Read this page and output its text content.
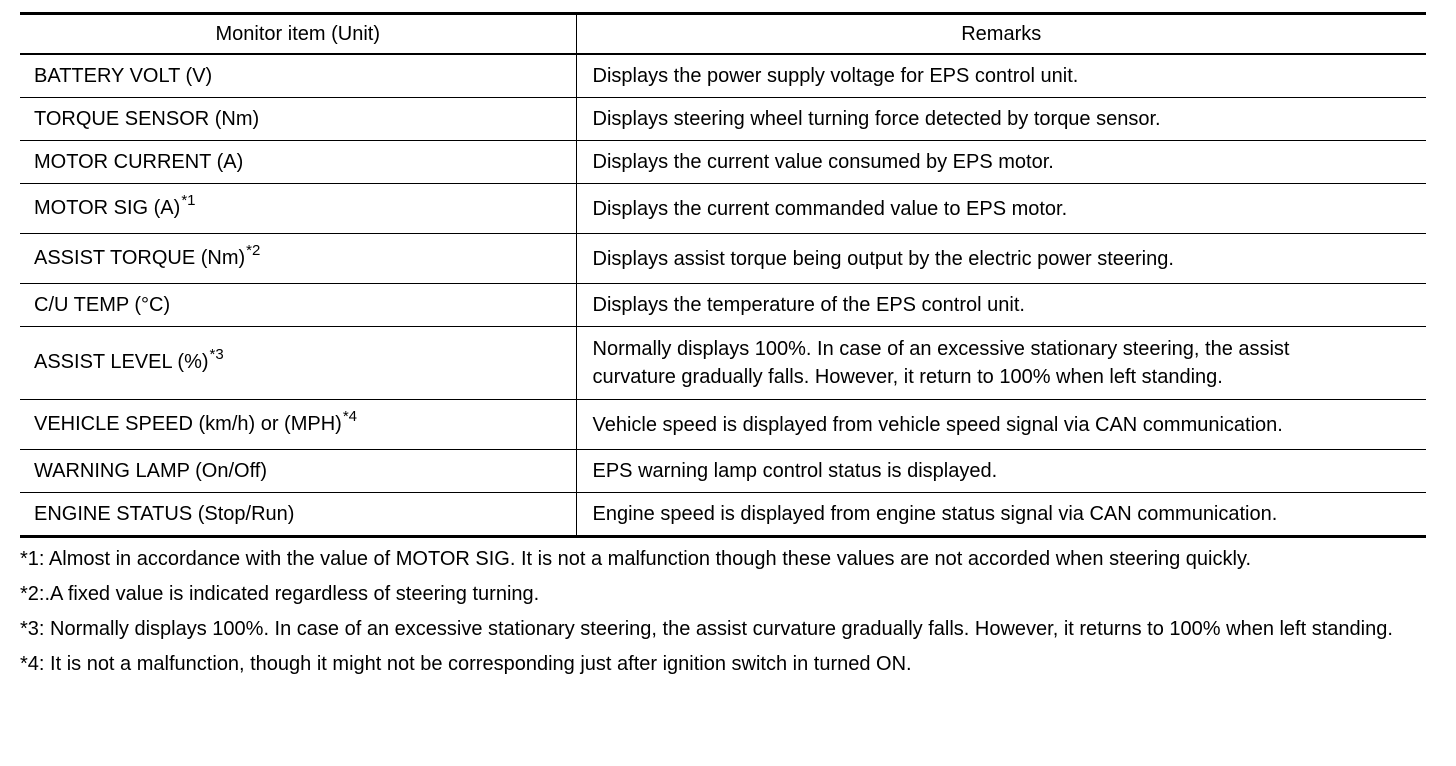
Monitor item (Unit)	Remarks
BATTERY VOLT (V)	Displays the power supply voltage for EPS control unit.
TORQUE SENSOR (Nm)	Displays steering wheel turning force detected by torque sensor.
MOTOR CURRENT (A)	Displays the current value consumed by EPS motor.
MOTOR SIG (A)$^{*1}$	Displays the current commanded value to EPS motor.
ASSIST TORQUE (Nm)$^{*2}$	Displays assist torque being output by the electric power steering.
C/U TEMP (°C)	Displays the temperature of the EPS control unit.
ASSIST LEVEL (%)$^{*3}$	Normally displays 100%. In case of an excessive stationary steering, the assist
curvature gradually falls. However, it return to 100% when left standing.
VEHICLE SPEED (km/h) or (MPH)$^{*4}$	Vehicle speed is displayed from vehicle speed signal via CAN communication.
WARNING LAMP (On/Off)	EPS warning lamp control status is displayed.
ENGINE STATUS (Stop/Run)	Engine speed is displayed from engine status signal via CAN communication.

*1: Almost in accordance with the value of MOTOR SIG. It is not a malfunction though these values are not accorded when steering quickly.

*2:.A fixed value is indicated regardless of steering turning.

*3: Normally displays 100%. In case of an excessive stationary steering, the assist curvature gradually falls. However, it returns to 100% when left standing.

*4: It is not a malfunction, though it might not be corresponding just after ignition switch in turned ON.
